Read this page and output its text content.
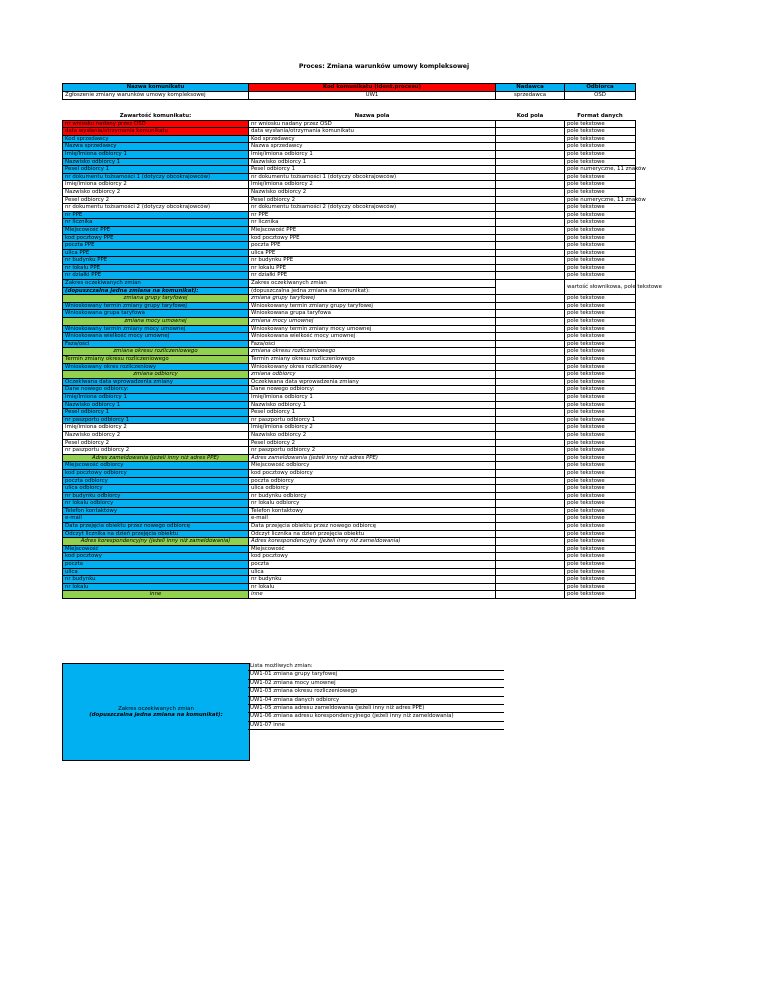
Proces: Zmiana warunków umowy kompleksowej
Nazwa komunikatu	Kod komunikatu (ident.procesu)	Nadawca	Odbiorca
Zgłoszenie zmiany warunków umowy kompleksowej	UW1	sprzedawca	OSD
Zawartość komunikatu:	Nazwa pola	Kod pola	Format danych
nr wniosku nadany przez OSD	nr wniosku nadany przez OSD		pole tekstowe
data wysłania/otrzymania komunikatu	data wysłania/otrzymania komunikatu		pole tekstowe
Kod sprzedawcy	Kod sprzedawcy		pole tekstowe
Nazwa sprzedawcy	Nazwa sprzedawcy		pole tekstowe
Imię/Imiona odbiorcy 1	Imię/imiona odbiorcy 1		pole tekstowe
Nazwisko odbiorcy 1	Nazwisko odbiorcy 1		pole tekstowe
Pesel odbiorcy 1	Pesel odbiorcy 1		pole numeryczne, 11 znaków
nr dokumentu tożsamości 1 (dotyczy obcokrajowców)	nr dokumentu tożsamości 1 (dotyczy obcokrajowców)		pole tekstowe
Imię/imiona odbiorcy 2	Imię/imiona odbiorcy 2		pole tekstowe
Nazwisko odbiorcy 2	Nazwisko odbiorcy 2		pole tekstowe
Pesel odbiorcy 2	Pesel odbiorcy 2		pole numeryczne, 11 znaków
nr dokumentu tożsamości 2 (dotyczy obcokrajowców)	nr dokumentu tożsamości 2 (dotyczy obcokrajowców)		pole tekstowe
nr PPE	nr PPE		pole tekstowe
nr licznika	nr licznika		pole tekstowe
Miejscowość PPE	Miejscowość PPE		pole tekstowe
kod pocztowy PPE	kod pocztowy PPE		pole tekstowe
poczta PPE	poczta PPE		pole tekstowe
ulica PPE	ulica PPE		pole tekstowe
nr budynku PPE	nr budynku PPE		pole tekstowe
nr lokalu PPE	nr lokalu PPE		pole tekstowe
nr działki PPE	nr działki PPE		pole tekstowe
Zakres oczekiwanych zmian	Zakres oczekiwanych zmian		wartość słownikowa, pole tekstowe
(dopuszczalna jedna zmiana na komunikat):	(dopuszczalna jedna zmiana na komunikat):		
zmiana grupy taryfowej	zmiana grupy taryfowej		pole tekstowe
Wnioskowany termin zmiany grupy taryfowej	Wnioskowany termin zmiany grupy taryfowej		pole tekstowe
Wnioskowana grupa taryfowa	Wnioskowana grupa taryfowa		pole tekstowe
zmiana mocy umownej	zmiana mocy umownej		pole tekstowe
Wnioskowany termin zmiany mocy umownej	Wnioskowany termin zmiany mocy umownej		pole tekstowe
Wnioskowana wielkość mocy umownej	Wnioskowana wielkość mocy umownej		pole tekstowe
Faza/ości	Faza/ości		pole tekstowe
zmiana okresu rozliczeniowego	zmiana okresu rozliczeniowego		pole tekstowe
Termin zmiany okresu rozliczeniowego	Termin zmiany okresu rozliczeniowego		pole tekstowe
Wnioskowany okres rozliczeniowy	Wnioskowany okres rozliczeniowy		pole tekstowe
zmiana odbiorcy	zmiana odbiorcy		pole tekstowe
Oczekiwana data wprowadzenia zmiany	Oczekiwana data wprowadzenia zmiany		pole tekstowe
Dane nowego odbiorcy:	Dane nowego odbiorcy:		pole tekstowe
Imię/Imiona odbiorcy 1	Imię/imiona odbiorcy 1		pole tekstowe
Nazwisko odbiorcy 1	Nazwisko odbiorcy 1		pole tekstowe
Pesel odbiorcy 1	Pesel odbiorcy 1		pole tekstowe
nr paszportu odbiorcy 1	nr paszportu odbiorcy 1		pole tekstowe
Imię/imiona odbiorcy 2	Imię/imiona odbiorcy 2		pole tekstowe
Nazwisko odbiorcy 2	Nazwisko odbiorcy 2		pole tekstowe
Pesel odbiorcy 2	Pesel odbiorcy 2		pole tekstowe
nr paszportu odbiorcy 2	nr paszportu odbiorcy 2		pole tekstowe
Adres zameldowania (jeżeli inny niż adres PPE)	Adres zameldowania (jeżeli inny niż adres PPE)		pole tekstowe
Miejscowość odbiorcy	Miejscowość odbiorcy		pole tekstowe
kod pocztowy odbiorcy	kod pocztowy odbiorcy		pole tekstowe
poczta odbiorcy	poczta odbiorcy		pole tekstowe
ulica odbiorcy	ulica odbiorcy		pole tekstowe
nr budynku odbiorcy	nr budynku odbiorcy		pole tekstowe
nr lokalu odbiorcy	nr lokalu odbiorcy		pole tekstowe
Telefon kontaktowy	Telefon kontaktowy		pole tekstowe
e-mail	e-mail		pole tekstowe
Data przejęcia obiektu przez nowego odbiorcę	Data przejęcia obiektu przez nowego odbiorcę		pole tekstowe
Odczyt licznika na dzień przejęcia obiektu	Odczyt licznika na dzień przejęcia obiektu		pole tekstowe
Adres korespondencyjny (jeżeli inny niż zameldowania)	Adres korespondencyjny (jeżeli inny niż zameldowania)		pole tekstowe
Miejscowość	Miejscowość		pole tekstowe
kod pocztowy	kod pocztowy		pole tekstowe
poczta	poczta		pole tekstowe
ulica	ulica		pole tekstowe
nr budynku	nr budynku		pole tekstowe
nr lokalu	nr lokalu		pole tekstowe
inne	inne		pole tekstowe
Zakres oczekiwanych zmian
(dopuszczalna jedna zmiana na komunikat):
Lista możliwych zmian:
UW1-01 zmiana grupy taryfowej
UW1-02 zmiana mocy umownej
UW1-03 zmiana okresu rozliczeniowego
UW1-04 zmiana danych odbiorcy
UW1-05 zmiana adresu zameldowania (jeżeli inny niż adres PPE)
UW1-06 zmiana adresu korespondencyjnego (jeżeli inny niż zameldowania)
UW1-07 inne
